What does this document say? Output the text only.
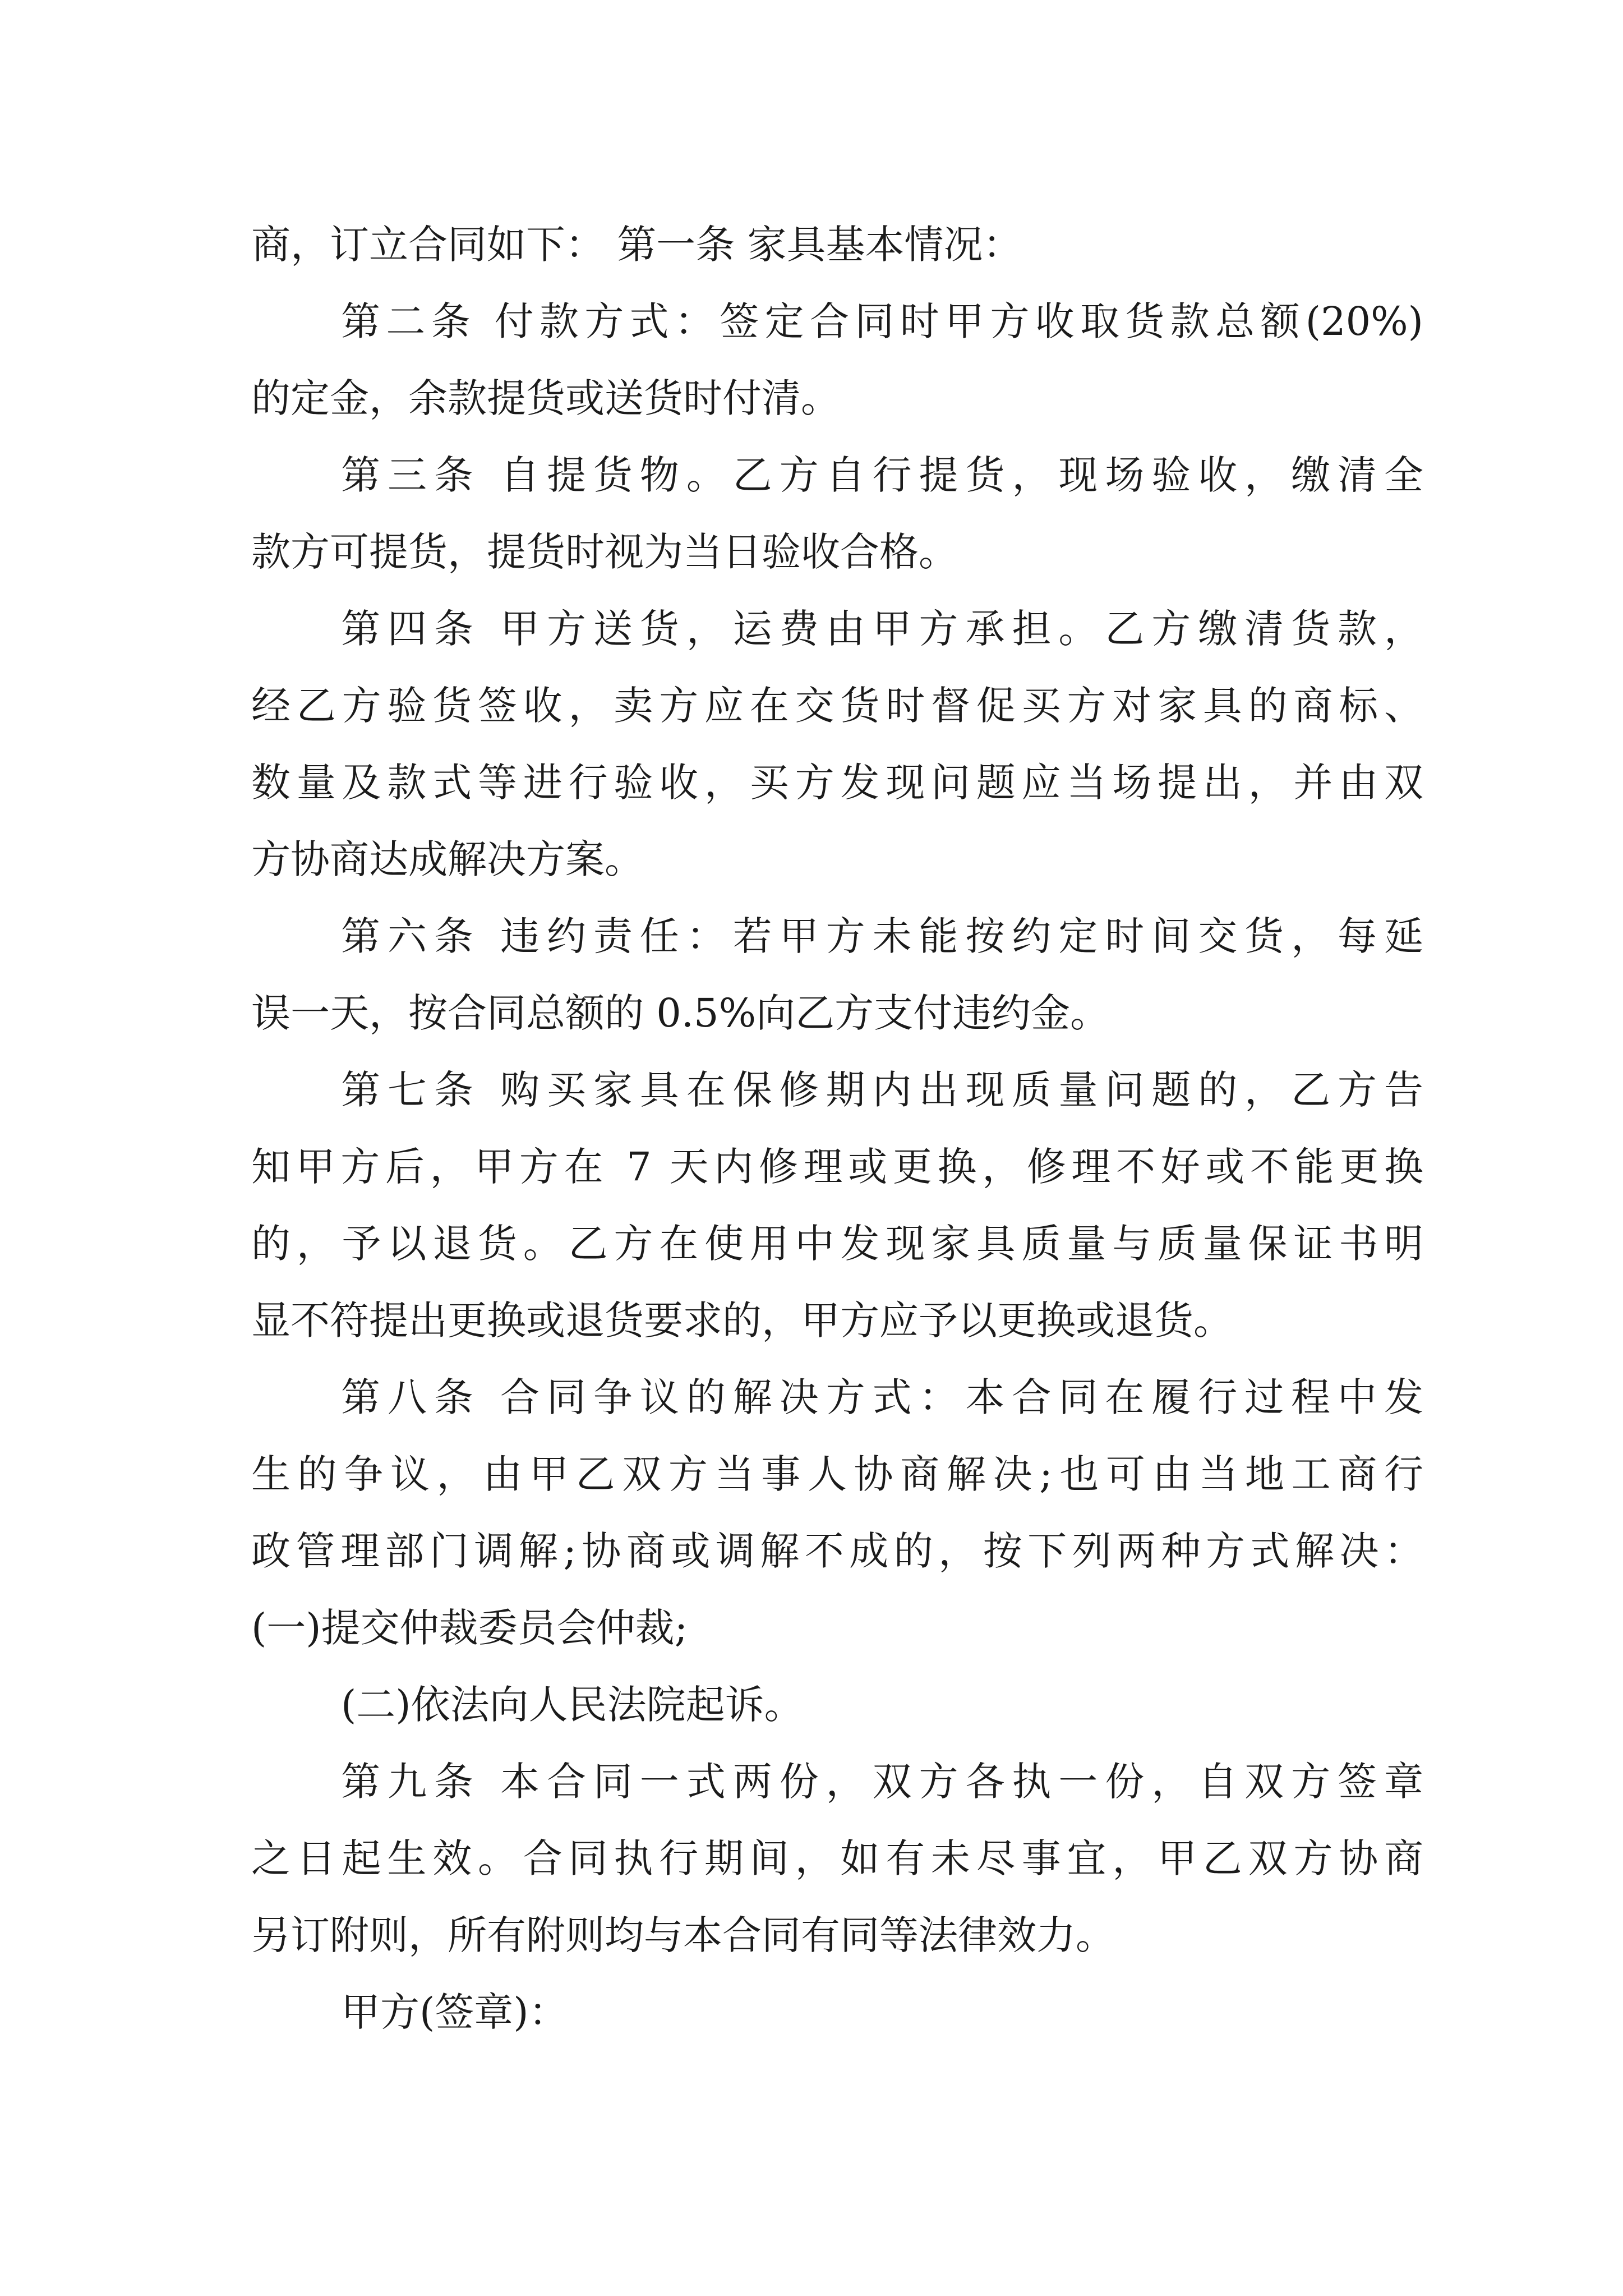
商，订立合同如下： 第一条 家具基本情况：
第二条 付款方式：签定合同时甲方收取货款总额(20%)
的定金，余款提货或送货时付清。
第三条 自提货物。乙方自行提货，现场验收，缴清全
款方可提货，提货时视为当日验收合格。
第四条 甲方送货，运费由甲方承担。乙方缴清货款，
经乙方验货签收，卖方应在交货时督促买方对家具的商标、
数量及款式等进行验收，买方发现问题应当场提出，并由双
方协商达成解决方案。
第六条 违约责任：若甲方未能按约定时间交货，每延
误一天，按合同总额的 0.5%向乙方支付违约金。
第七条 购买家具在保修期内出现质量问题的，乙方告
知甲方后，甲方在 7 天内修理或更换，修理不好或不能更换
的，予以退货。乙方在使用中发现家具质量与质量保证书明
显不符提出更换或退货要求的，甲方应予以更换或退货。
第八条 合同争议的解决方式：本合同在履行过程中发
生的争议，由甲乙双方当事人协商解决;也可由当地工商行
政管理部门调解;协商或调解不成的，按下列两种方式解决：
(一)提交仲裁委员会仲裁;
(二)依法向人民法院起诉。
第九条 本合同一式两份，双方各执一份，自双方签章
之日起生效。合同执行期间，如有未尽事宜，甲乙双方协商
另订附则，所有附则均与本合同有同等法律效力。
甲方(签章)：
